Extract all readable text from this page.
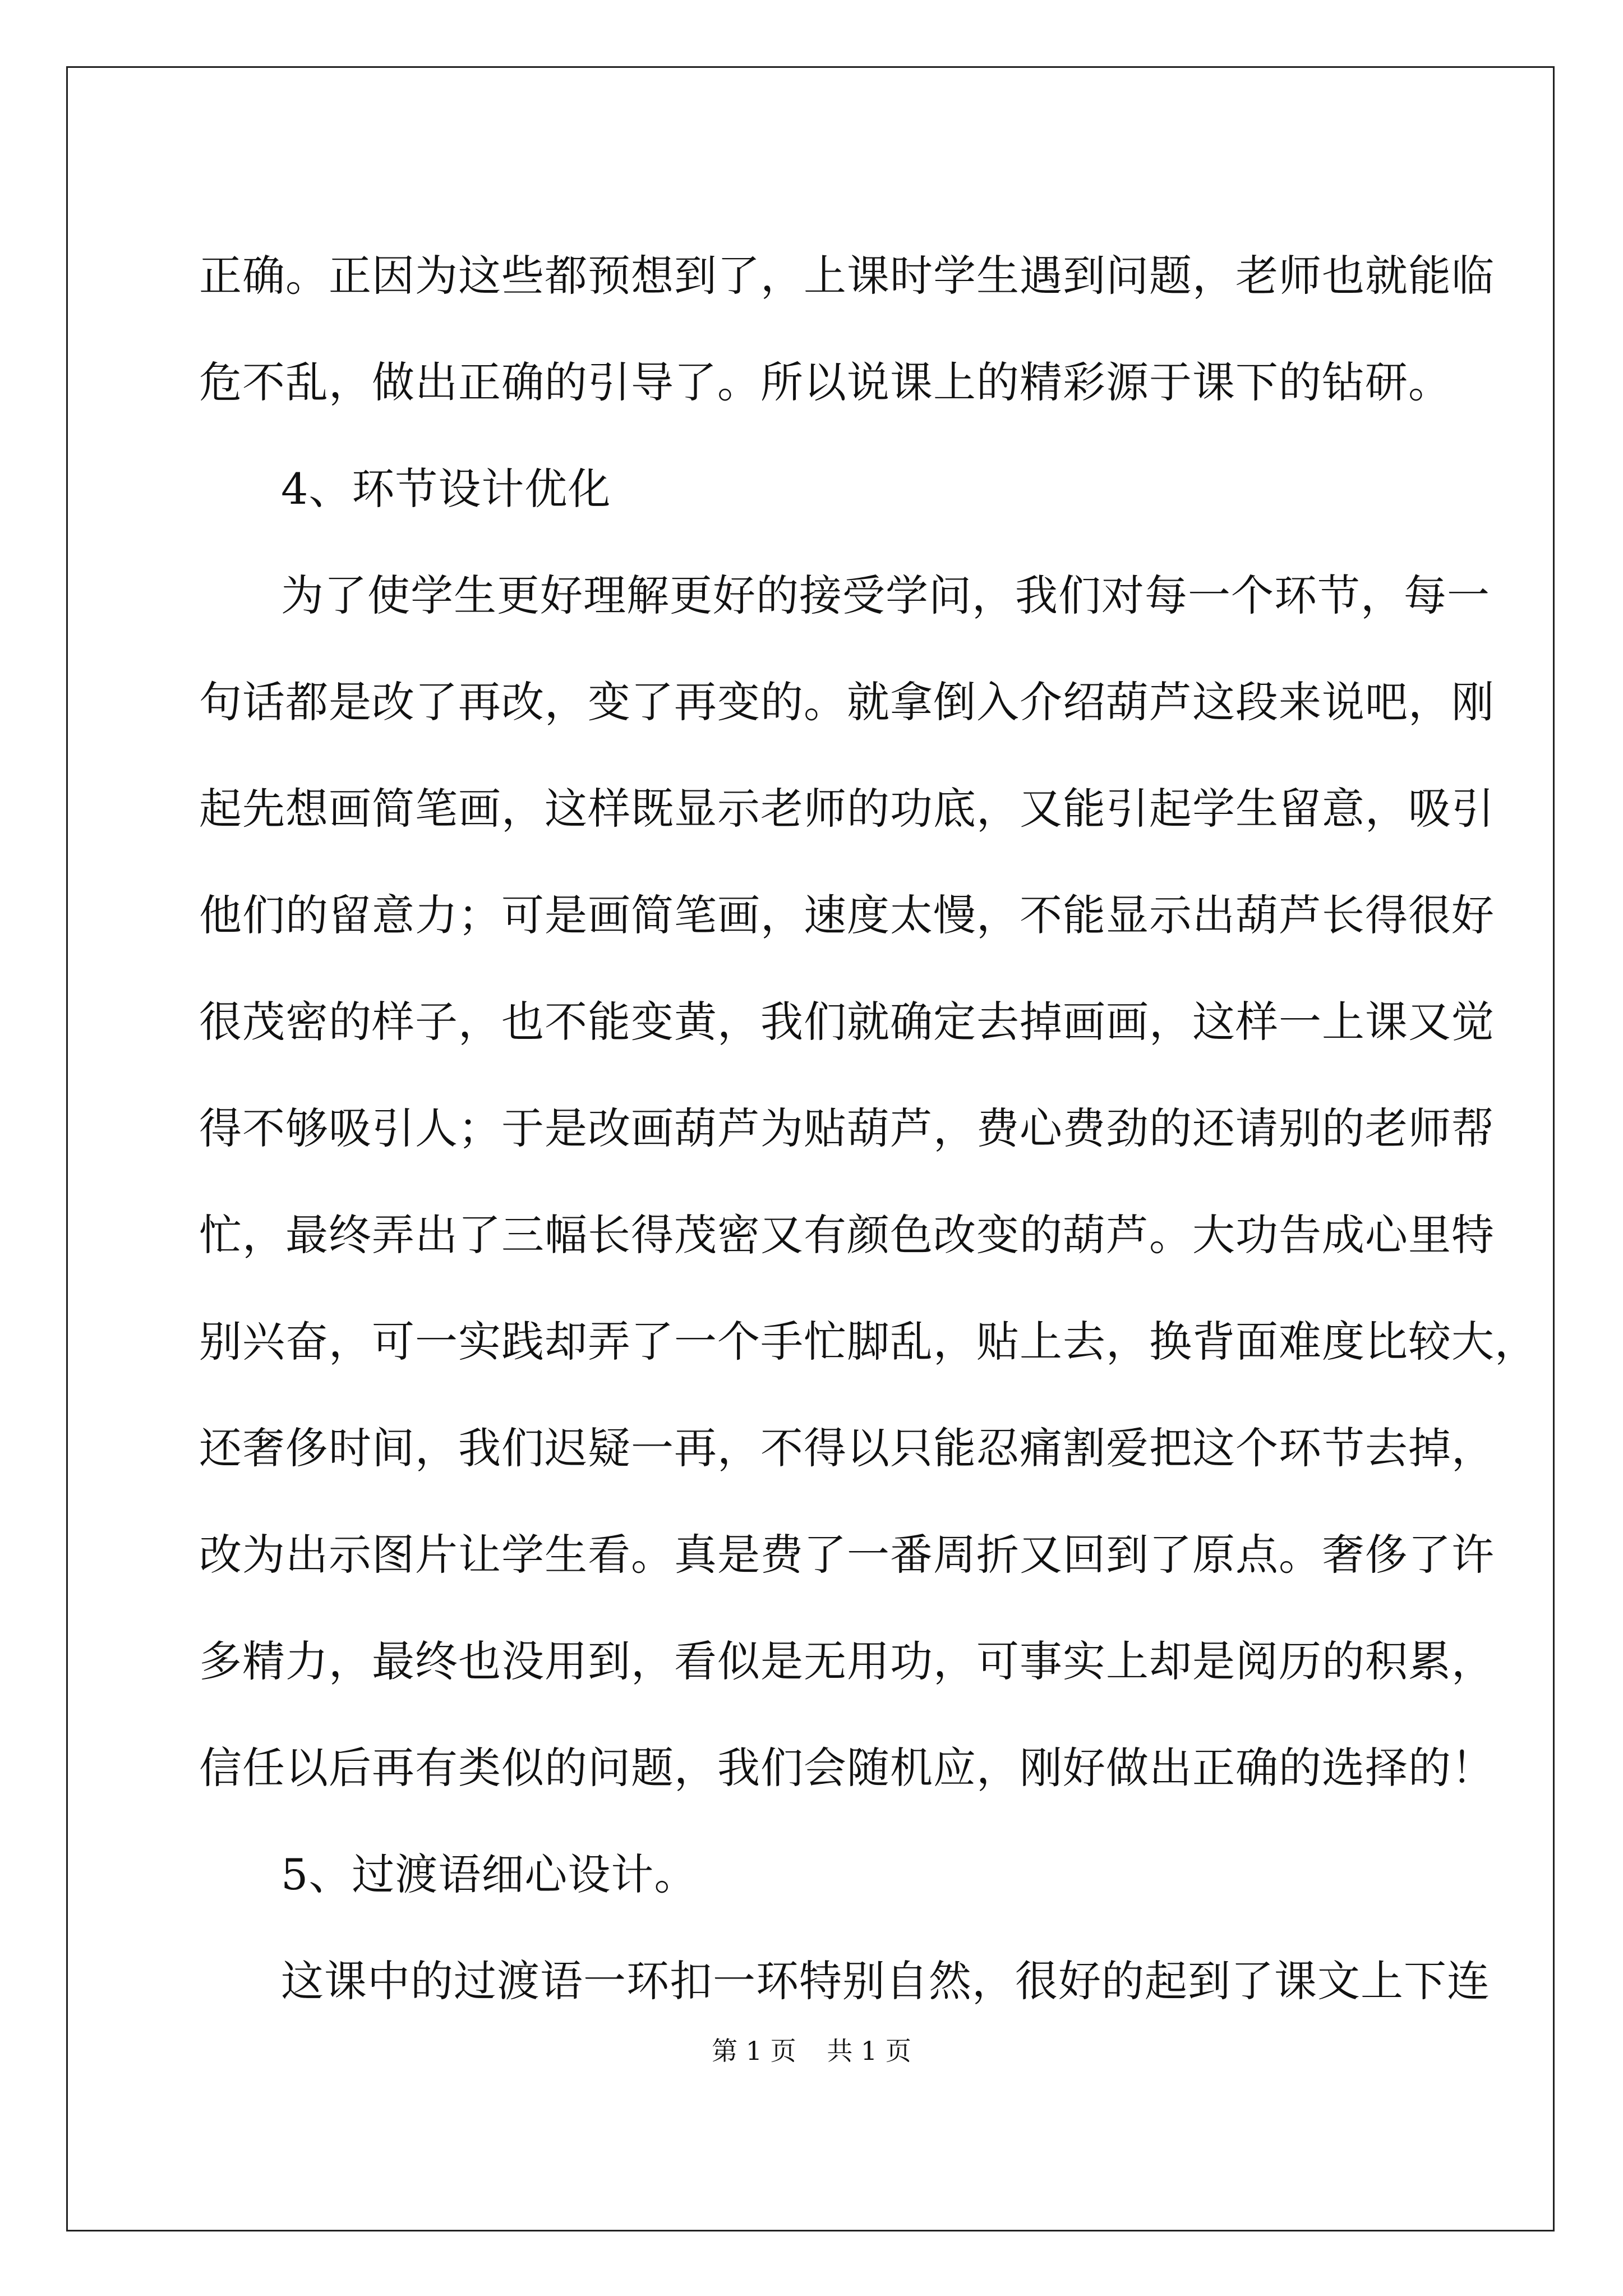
正确。正因为这些都预想到了，上课时学生遇到问题，老师也就能临
危不乱，做出正确的引导了。所以说课上的精彩源于课下的钻研。
4、环节设计优化
为了使学生更好理解更好的接受学问，我们对每一个环节，每一
句话都是改了再改，变了再变的。就拿倒入介绍葫芦这段来说吧，刚
起先想画简笔画，这样既显示老师的功底，又能引起学生留意，吸引
他们的留意力；可是画简笔画，速度太慢，不能显示出葫芦长得很好
很茂密的样子，也不能变黄，我们就确定去掉画画，这样一上课又觉
得不够吸引人；于是改画葫芦为贴葫芦，费心费劲的还请别的老师帮
忙，最终弄出了三幅长得茂密又有颜色改变的葫芦。大功告成心里特
别兴奋，可一实践却弄了一个手忙脚乱，贴上去，换背面难度比较大，
还奢侈时间，我们迟疑一再，不得以只能忍痛割爱把这个环节去掉，
改为出示图片让学生看。真是费了一番周折又回到了原点。奢侈了许
多精力，最终也没用到，看似是无用功，可事实上却是阅历的积累，
信任以后再有类似的问题，我们会随机应，刚好做出正确的选择的！
5、过渡语细心设计。
这课中的过渡语一环扣一环特别自然，很好的起到了课文上下连
第 1 页 共 1 页
